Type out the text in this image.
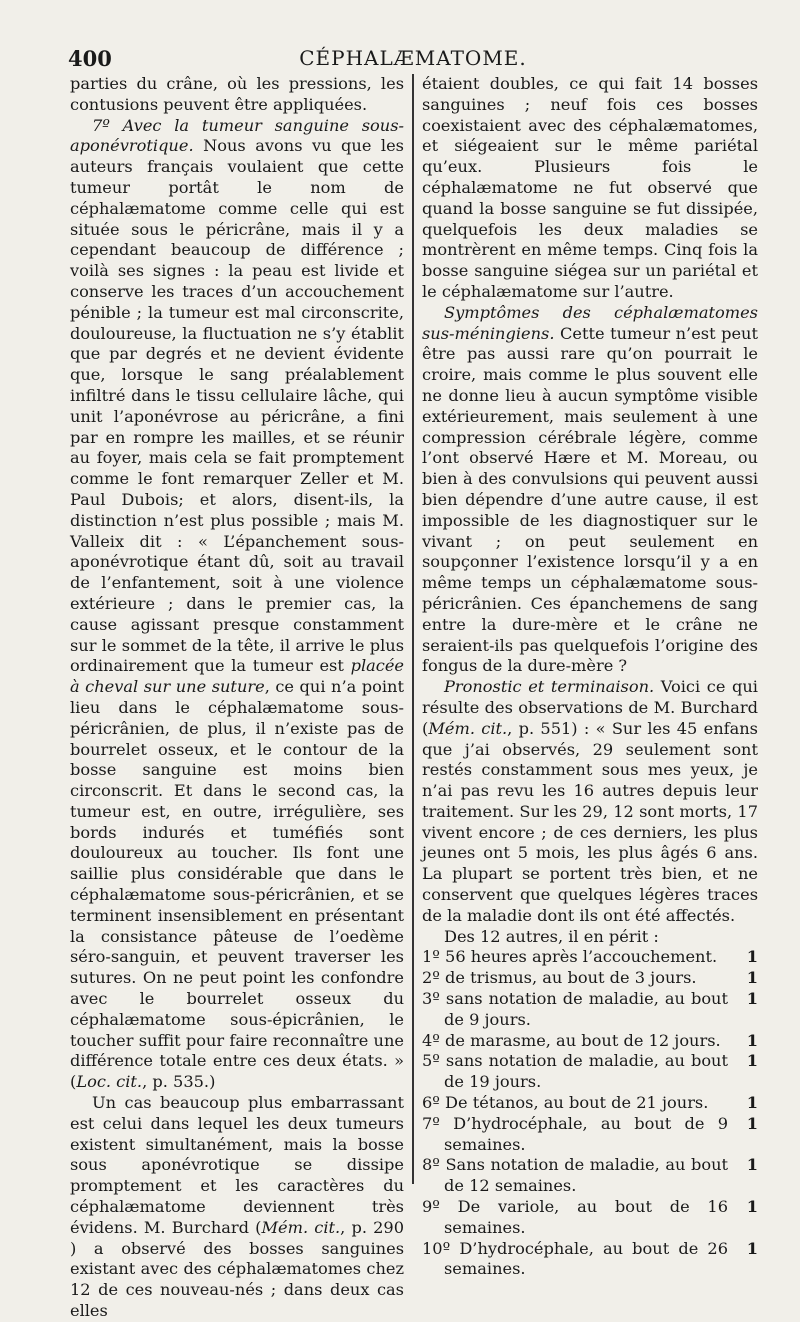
400	CÉPHALÆMATOME.

parties du crâne, où les pressions, les contusions peuvent être appliquées.

7º Avec la tumeur sanguine sous-aponévrotique. Nous avons vu que les auteurs français voulaient que cette tumeur portât le nom de céphalæmatome comme celle qui est située sous le péricrâne, mais il y a cependant beaucoup de différence ; voilà ses signes : la peau est livide et conserve les traces d’un accouchement pénible ; la tumeur est mal circonscrite, douloureuse, la fluctuation ne s’y établit que par degrés et ne devient évidente que, lorsque le sang préalablement infiltré dans le tissu cellulaire lâche, qui unit l’aponévrose au péricrâne, a fini par en rompre les mailles, et se réunir au foyer, mais cela se fait promptement comme le font remarquer Zeller et M. Paul Dubois; et alors, disent-ils, la distinction n’est plus possible ; mais M. Valleix dit : « L’épanchement sous-aponévrotique étant dû, soit au travail de l’enfantement, soit à une violence extérieure ; dans le premier cas, la cause agissant presque constamment sur le sommet de la tête, il arrive le plus ordinairement que la tumeur est placée à cheval sur une suture, ce qui n’a point lieu dans le céphalæmatome sous-péricrânien, de plus, il n’existe pas de bourrelet osseux, et le contour de la bosse sanguine est moins bien circonscrit. Et dans le second cas, la tumeur est, en outre, irrégulière, ses bords indurés et tuméfiés sont douloureux au toucher. Ils font une saillie plus considérable que dans le céphalæmatome sous-péricrânien, et se terminent insensiblement en présentant la consistance pâteuse de l’oedème séro-sanguin, et peuvent traverser les sutures. On ne peut point les confondre avec le bourrelet osseux du céphalæmatome sous-épicrânien, le toucher suffit pour faire reconnaître une différence totale entre ces deux états. » (Loc. cit., p. 535.)

Un cas beaucoup plus embarrassant est celui dans lequel les deux tumeurs existent simultanément, mais la bosse sous aponévrotique se dissipe promptement et les caractères du céphalæmatome deviennent très évidens. M. Burchard (Mém. cit., p. 290 ) a observé des bosses sanguines existant avec des céphalæmatomes chez 12 de ces nouveau-nés ; dans deux cas elles

étaient doubles, ce qui fait 14 bosses sanguines ; neuf fois ces bosses coexistaient avec des céphalæmatomes, et siégeaient sur le même pariétal qu’eux. Plusieurs fois le céphalæmatome ne fut observé que quand la bosse sanguine se fut dissipée, quelquefois les deux maladies se montrèrent en même temps. Cinq fois la bosse sanguine siégea sur un pariétal et le céphalæmatome sur l’autre.

Symptômes des céphalæmatomes sus-méningiens. Cette tumeur n’est peut être pas aussi rare qu’on pourrait le croire, mais comme le plus souvent elle ne donne lieu à aucun symptôme visible extérieurement, mais seulement à une compression cérébrale légère, comme l’ont observé Hære et M. Moreau, ou bien à des convulsions qui peuvent aussi bien dépendre d’une autre cause, il est impossible de les diagnostiquer sur le vivant ; on peut seulement en soupçonner l’existence lorsqu’il y a en même temps un céphalæmatome sous-péricrânien. Ces épanchemens de sang entre la dure-mère et le crâne ne seraient-ils pas quelquefois l’origine des fongus de la dure-mère ?

Pronostic et terminaison. Voici ce qui résulte des observations de M. Burchard (Mém. cit., p. 551) : « Sur les 45 enfans que j’ai observés, 29 seulement sont restés constamment sous mes yeux, je n’ai pas revu les 16 autres depuis leur traitement. Sur les 29, 12 sont morts, 17 vivent encore ; de ces derniers, les plus jeunes ont 5 mois, les plus âgés 6 ans. La plupart se portent très bien, et ne conservent que quelques légères traces de la maladie dont ils ont été affectés.

Des 12 autres, il en périt :

1º 56 heures après l’accouchement. 1
2º de trismus, au bout de 3 jours.	1
3º sans notation de maladie, au bout de 9 jours.
1
4º de marasme, au bout de 12 jours. 1
5º sans notation de maladie, au bout de 19 jours.
1
6º De tétanos, au bout de 21 jours. 1
7º D’hydrocéphale, au bout de 9 semaines.
1
8º Sans notation de maladie, au bout de 12 semaines.
1
9º De variole, au bout de 16 semaines.
1
10º D’hydrocéphale, au bout de 26 semaines.
1
